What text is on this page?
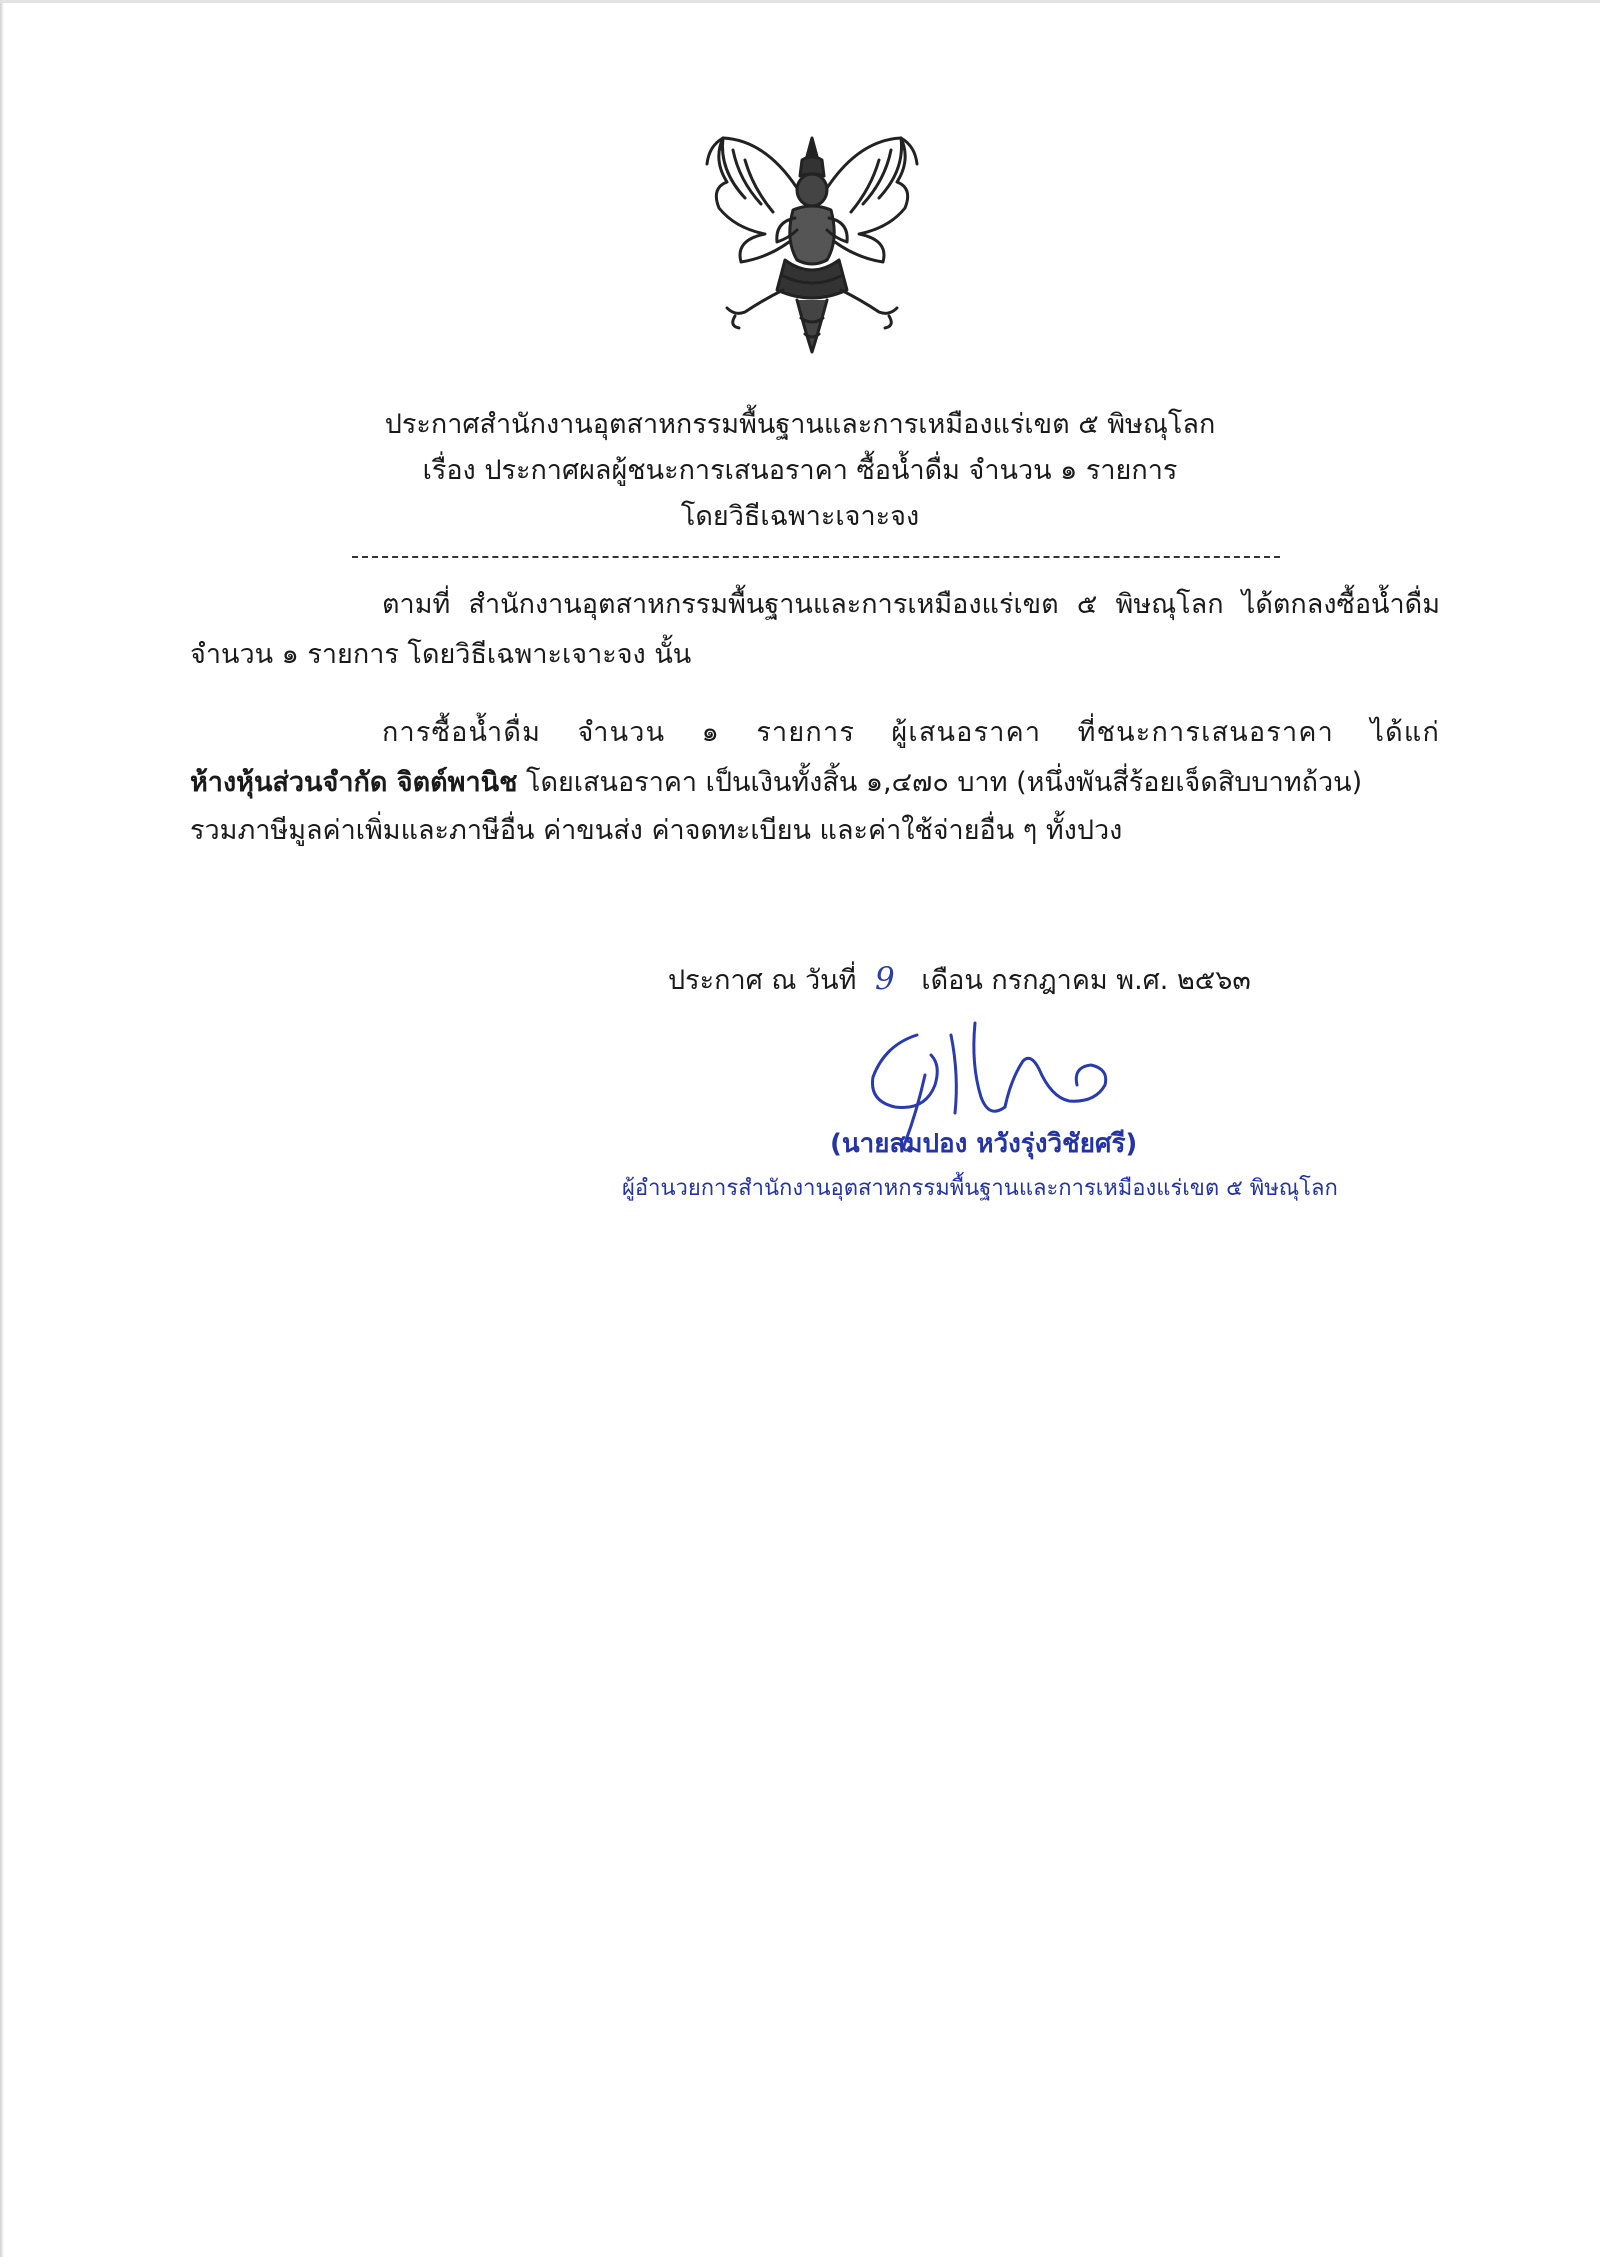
ประกาศสำนักงานอุตสาหกรรมพื้นฐานและการเหมืองแร่เขต ๕ พิษณุโลก
เรื่อง ประกาศผลผู้ชนะการเสนอราคา ซื้อน้ำดื่ม จำนวน ๑ รายการ
โดยวิธีเฉพาะเจาะจง
ตามที่ สำนักงานอุตสาหกรรมพื้นฐานและการเหมืองแร่เขต ๕ พิษณุโลก ได้ตกลงซื้อน้ำดื่ม
จำนวน ๑ รายการ โดยวิธีเฉพาะเจาะจง นั้น
การซื้อน้ำดื่ม จำนวน ๑ รายการ ผู้เสนอราคา ที่ชนะการเสนอราคา ได้แก่
ห้างหุ้นส่วนจำกัด จิตต์พานิช โดยเสนอราคา เป็นเงินทั้งสิ้น ๑,๔๗๐ บาท (หนึ่งพันสี่ร้อยเจ็ดสิบบาทถ้วน)
รวมภาษีมูลค่าเพิ่มและภาษีอื่น ค่าขนส่ง ค่าจดทะเบียน และค่าใช้จ่ายอื่น ๆ ทั้งปวง
ประกาศ ณ วันที่ 9 เดือน กรกฎาคม พ.ศ. ๒๕๖๓
(นายสมปอง หวังรุ่งวิชัยศรี)
ผู้อำนวยการสำนักงานอุตสาหกรรมพื้นฐานและการเหมืองแร่เขต ๕ พิษณุโลก
